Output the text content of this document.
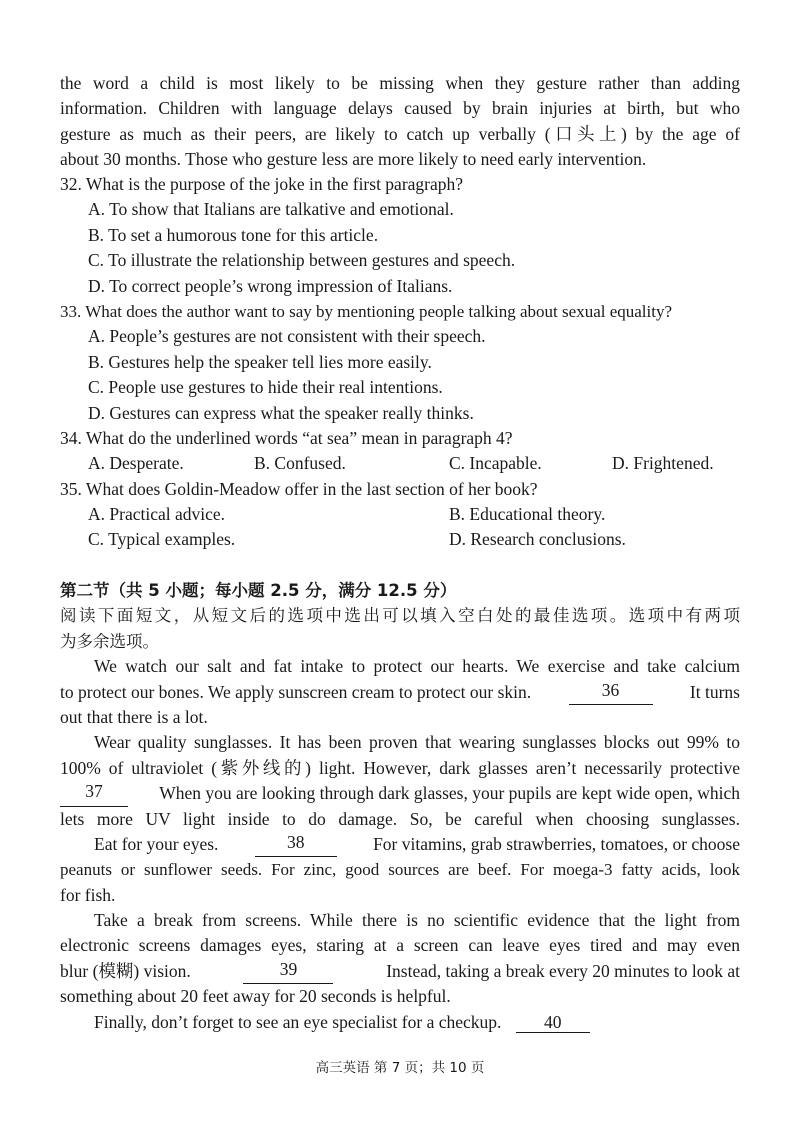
the word a child is most likely to be missing when they gesture rather than adding
information. Children with language delays caused by brain injuries at birth, but who
gesture as much as their peers, are likely to catch up verbally (口头上) by the age of
about 30 months. Those who gesture less are more likely to need early intervention.
32. What is the purpose of the joke in the first paragraph?
A. To show that Italians are talkative and emotional.
B. To set a humorous tone for this article.
C. To illustrate the relationship between gestures and speech.
D. To correct people’s wrong impression of Italians.
33. What does the author want to say by mentioning people talking about sexual equality?
A. People’s gestures are not consistent with their speech.
B. Gestures help the speaker tell lies more easily.
C. People use gestures to hide their real intentions.
D. Gestures can express what the speaker really thinks.
34. What do the underlined words “at sea” mean in paragraph 4?
A. Desperate.	B. Confused.	C. Incapable.	D. Frightened.
35. What does Goldin-Meadow offer in the last section of her book?
A. Practical advice.	B. Educational theory.
C. Typical examples.	D. Research conclusions.
第二节（共 5 小题；每小题 2.5 分，满分 12.5 分）
阅读下面短文，从短文后的选项中选出可以填入空白处的最佳选项。选项中有两项
为多余选项。
We watch our salt and fat intake to protect our hearts. We exercise and take calcium
to protect our bones. We apply sunscreen cream to protect our skin.	36	It turns
out that there is a lot.
Wear quality sunglasses. It has been proven that wearing sunglasses blocks out 99% to
100% of ultraviolet (紫外线的) light. However, dark glasses aren’t necessarily protective
37	When you are looking through dark glasses, your pupils are kept wide open, which
lets more UV light inside to do damage. So, be careful when choosing sunglasses.
Eat for your eyes.	38	For vitamins, grab strawberries, tomatoes, or choose
peanuts or sunflower seeds. For zinc, good sources are beef. For moega-3 fatty acids, look
for fish.
Take a break from screens. While there is no scientific evidence that the light from
electronic screens damages eyes, staring at a screen can leave eyes tired and may even
blur (模糊) vision.	39	Instead, taking a break every 20 minutes to look at
something about 20 feet away for 20 seconds is helpful.
Finally, don’t forget to see an eye specialist for a checkup. 40
高三英语 第 7 页；共 10 页
